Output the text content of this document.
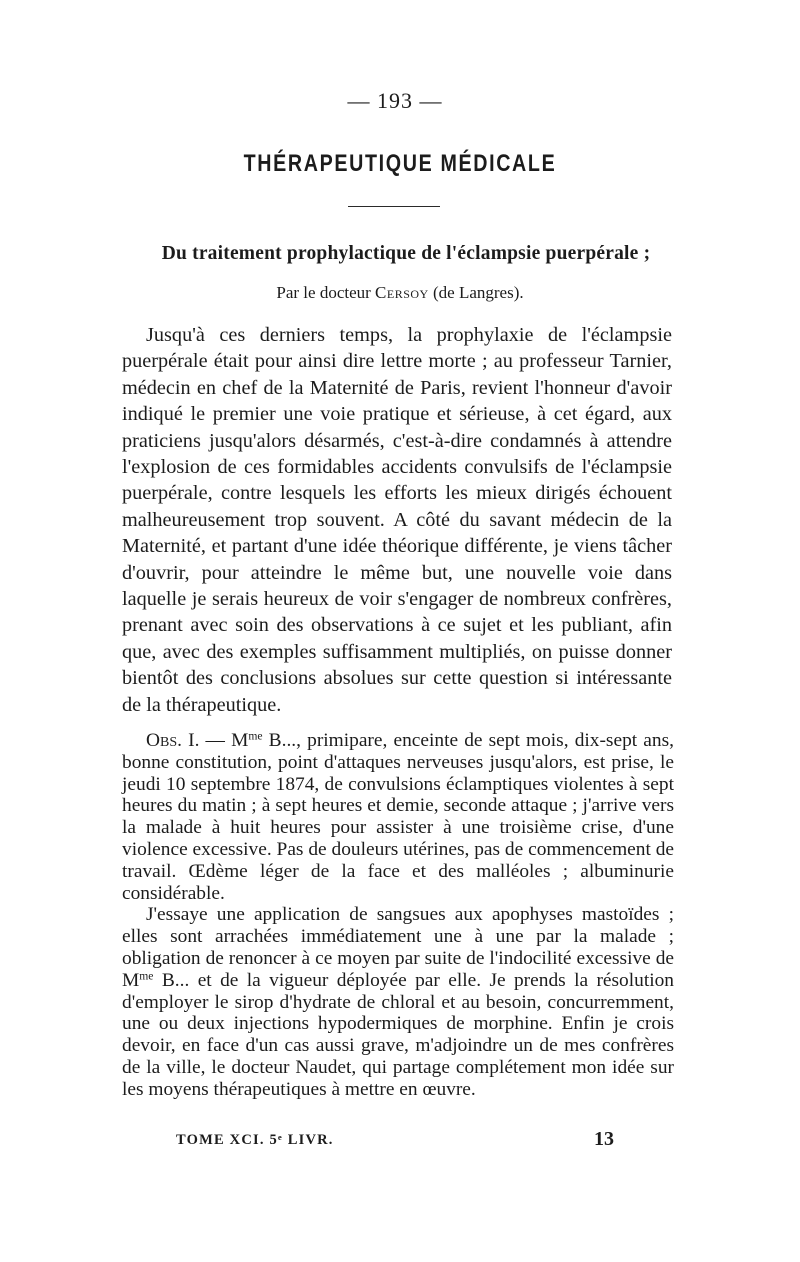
— 193 —
THÉRAPEUTIQUE MÉDICALE
Du traitement prophylactique de l'éclampsie puerpérale ;
Par le docteur Cersoy (de Langres).

Jusqu'à ces derniers temps, la prophylaxie de l'éclampsie puerpérale était pour ainsi dire lettre morte ; au professeur Tarnier, médecin en chef de la Maternité de Paris, revient l'honneur d'avoir indiqué le premier une voie pratique et sérieuse, à cet égard, aux praticiens jusqu'alors désarmés, c'est-à-dire condamnés à attendre l'explosion de ces formidables accidents convulsifs de l'éclampsie puerpérale, contre lesquels les efforts les mieux dirigés échouent malheureusement trop souvent. A côté du savant médecin de la Maternité, et partant d'une idée théorique différente, je viens tâcher d'ouvrir, pour atteindre le même but, une nouvelle voie dans laquelle je serais heureux de voir s'engager de nombreux confrères, prenant avec soin des observations à ce sujet et les publiant, afin que, avec des exemples suffisamment multipliés, on puisse donner bientôt des conclusions absolues sur cette question si intéressante de la thérapeutique.

Obs. I. — $M^{me}$ B..., primipare, enceinte de sept mois, dix-sept ans, bonne constitution, point d'attaques nerveuses jusqu'alors, est prise, le jeudi 10 septembre 1874, de convulsions éclamptiques violentes à sept heures du matin ; à sept heures et demie, seconde attaque ; j'arrive vers la malade à huit heures pour assister à une troisième crise, d'une violence excessive. Pas de douleurs utérines, pas de commencement de travail. Œdème léger de la face et des malléoles ; albuminurie considérable.

J'essaye une application de sangsues aux apophyses mastoïdes ; elles sont arrachées immédiatement une à une par la malade ; obligation de renoncer à ce moyen par suite de l'indocilité excessive de $M^{me}$ B... et de la vigueur déployée par elle. Je prends la résolution d'employer le sirop d'hydrate de chloral et au besoin, concurremment, une ou deux injections hypodermiques de morphine. Enfin je crois devoir, en face d'un cas aussi grave, m'adjoindre un de mes confrères de la ville, le docteur Naudet, qui partage complétement mon idée sur les moyens thérapeutiques à mettre en œuvre.

TOME XCI. 5ᵉ LIVR.	13
